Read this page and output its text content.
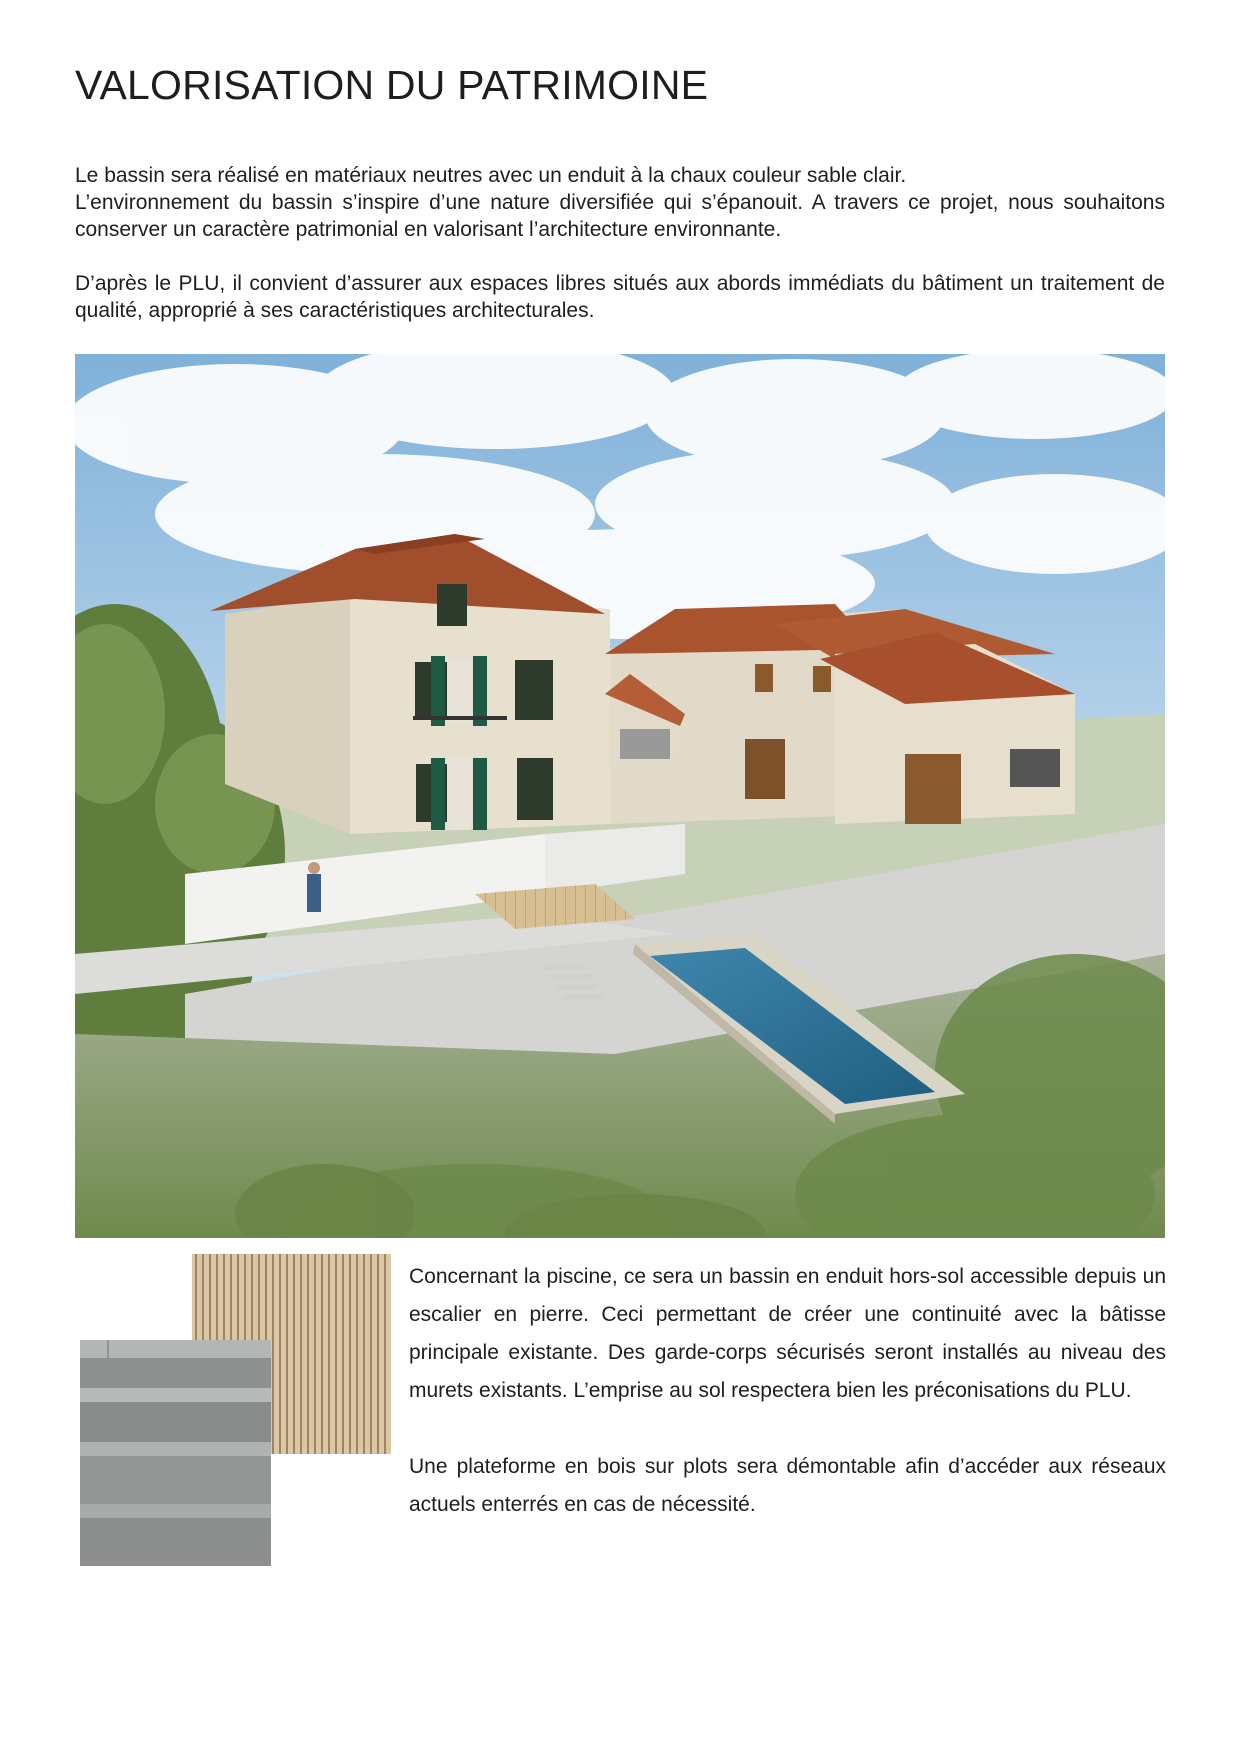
VALORISATION DU PATRIMOINE

Le bassin sera réalisé en matériaux neutres avec un enduit à la chaux couleur sable clair.

L’environnement du bassin s’inspire d’une nature diversifiée qui s’épanouit. A travers ce projet, nous souhaitons conserver un caractère patrimonial en valorisant l’architecture environnante.

D’après le PLU, il convient d’assurer aux espaces libres situés aux abords immédiats du bâtiment un traitement de qualité, approprié à ses caractéristiques architecturales.

Concernant la piscine, ce sera un bassin en enduit hors-sol accessible depuis un escalier en pierre. Ceci permettant de créer une continuité avec la bâtisse principale existante. Des garde-corps sécurisés seront installés au niveau des murets existants. L’emprise au sol respectera bien les préconisations du PLU.

Une plateforme en bois sur plots sera démontable afin d’accéder aux réseaux actuels enterrés en cas de nécessité.
